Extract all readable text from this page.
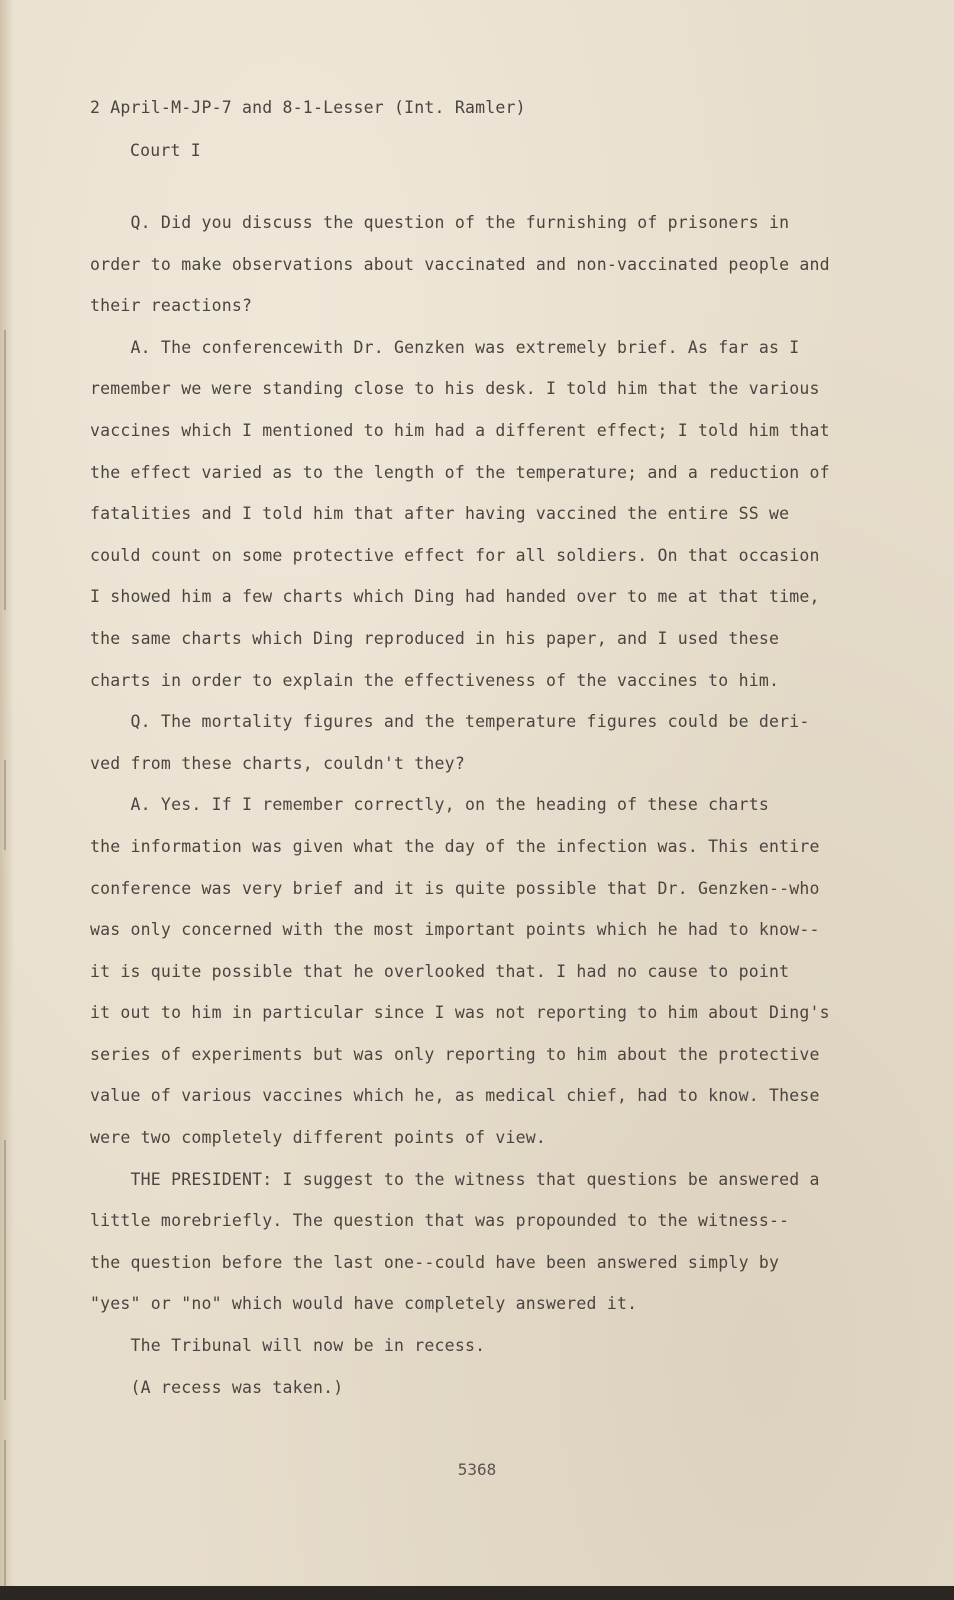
2 April-M-JP-7 and 8-1-Lesser (Int. Ramler)
Court I
Q. Did you discuss the question of the furnishing of prisoners in
order to make observations about vaccinated and non-vaccinated people and
their reactions?
A. The conferencewith Dr. Genzken was extremely brief. As far as I
remember we were standing close to his desk. I told him that the various
vaccines which I mentioned to him had a different effect; I told him that
the effect varied as to the length of the temperature; and a reduction of
fatalities and I told him that after having vaccined the entire SS we
could count on some protective effect for all soldiers. On that occasion
I showed him a few charts which Ding had handed over to me at that time,
the same charts which Ding reproduced in his paper, and I used these
charts in order to explain the effectiveness of the vaccines to him.
Q. The mortality figures and the temperature figures could be deri-
ved from these charts, couldn't they?
A. Yes. If I remember correctly, on the heading of these charts
the information was given what the day of the infection was. This entire
conference was very brief and it is quite possible that Dr. Genzken--who
was only concerned with the most important points which he had to know--
it is quite possible that he overlooked that. I had no cause to point
it out to him in particular since I was not reporting to him about Ding's
series of experiments but was only reporting to him about the protective
value of various vaccines which he, as medical chief, had to know. These
were two completely different points of view.
THE PRESIDENT: I suggest to the witness that questions be answered a
little morebriefly. The question that was propounded to the witness--
the question before the last one--could have been answered simply by
"yes" or "no" which would have completely answered it.
The Tribunal will now be in recess.
(A recess was taken.)
5368
